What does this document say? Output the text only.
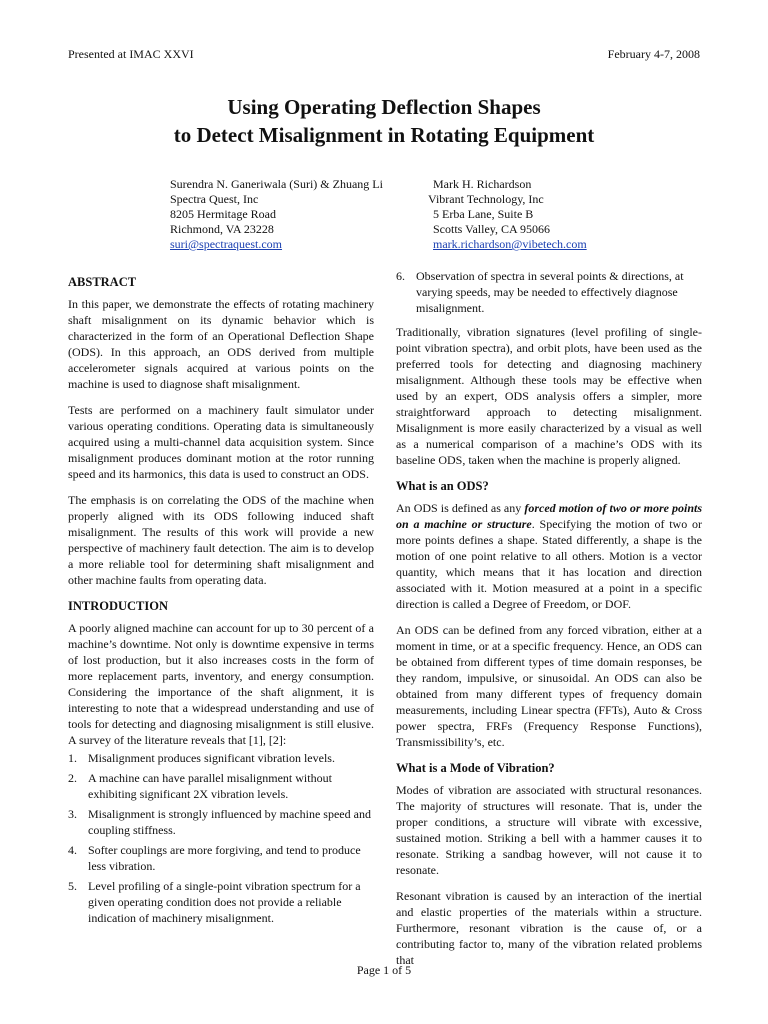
Presented at IMAC XXVI	February 4-7, 2008
Using Operating Deflection Shapes
to Detect Misalignment in Rotating Equipment
Surendra N. Ganeriwala (Suri) & Zhuang Li
Spectra Quest, Inc
8205 Hermitage Road
Richmond, VA 23228
suri@spectraquest.com
Mark H. Richardson
Vibrant Technology, Inc
5 Erba Lane, Suite B
Scotts Valley, CA 95066
mark.richardson@vibetech.com
ABSTRACT

In this paper, we demonstrate the effects of rotating machinery shaft misalignment on its dynamic behavior which is characterized in the form of an Operational Deflection Shape (ODS). In this approach, an ODS derived from multiple accelerometer signals acquired at various points on the machine is used to diagnose shaft misalignment.

Tests are performed on a machinery fault simulator under various operating conditions. Operating data is simultaneously acquired using a multi-channel data acquisition system. Since misalignment produces dominant motion at the rotor running speed and its harmonics, this data is used to construct an ODS.

The emphasis is on correlating the ODS of the machine when properly aligned with its ODS following induced shaft misalignment. The results of this work will provide a new perspective of machinery fault detection. The aim is to develop a more reliable tool for determining shaft misalignment and other machine faults from operating data.

INTRODUCTION

A poorly aligned machine can account for up to 30 percent of a machine’s downtime. Not only is downtime expensive in terms of lost production, but it also increases costs in the form of more replacement parts, inventory, and energy consumption. Considering the importance of the shaft alignment, it is interesting to note that a widespread understanding and use of tools for detecting and diagnosing misalignment is still elusive. A survey of the literature reveals that [1], [2]:

1. Misalignment produces significant vibration levels.
2. A machine can have parallel misalignment without exhibiting significant 2X vibration levels.
3. Misalignment is strongly influenced by machine speed and coupling stiffness.
4. Softer couplings are more forgiving, and tend to produce less vibration.
5. Level profiling of a single-point vibration spectrum for a given operating condition does not provide a reliable indication of machinery misalignment.
6. Observation of spectra in several points & directions, at varying speeds, may be needed to effectively diagnose misalignment.

Traditionally, vibration signatures (level profiling of single-point vibration spectra), and orbit plots, have been used as the preferred tools for detecting and diagnosing machinery misalignment. Although these tools may be effective when used by an expert, ODS analysis offers a simpler, more straightforward approach to detecting misalignment. Misalignment is more easily characterized by a visual as well as a numerical comparison of a machine’s ODS with its baseline ODS, taken when the machine is properly aligned.

What is an ODS?

An ODS is defined as any forced motion of two or more points on a machine or structure. Specifying the motion of two or more points defines a shape. Stated differently, a shape is the motion of one point relative to all others. Motion is a vector quantity, which means that it has location and direction associated with it. Motion measured at a point in a specific direction is called a Degree of Freedom, or DOF.

An ODS can be defined from any forced vibration, either at a moment in time, or at a specific frequency. Hence, an ODS can be obtained from different types of time domain responses, be they random, impulsive, or sinusoidal. An ODS can also be obtained from many different types of frequency domain measurements, including Linear spectra (FFTs), Auto & Cross power spectra, FRFs (Frequency Response Functions), Transmissibility’s, etc.

What is a Mode of Vibration?

Modes of vibration are associated with structural resonances. The majority of structures will resonate. That is, under the proper conditions, a structure will vibrate with excessive, sustained motion. Striking a bell with a hammer causes it to resonate. Striking a sandbag however, will not cause it to resonate.

Resonant vibration is caused by an interaction of the inertial and elastic properties of the materials within a structure. Furthermore, resonant vibration is the cause of, or a contributing factor to, many of the vibration related problems that

Page 1 of 5
